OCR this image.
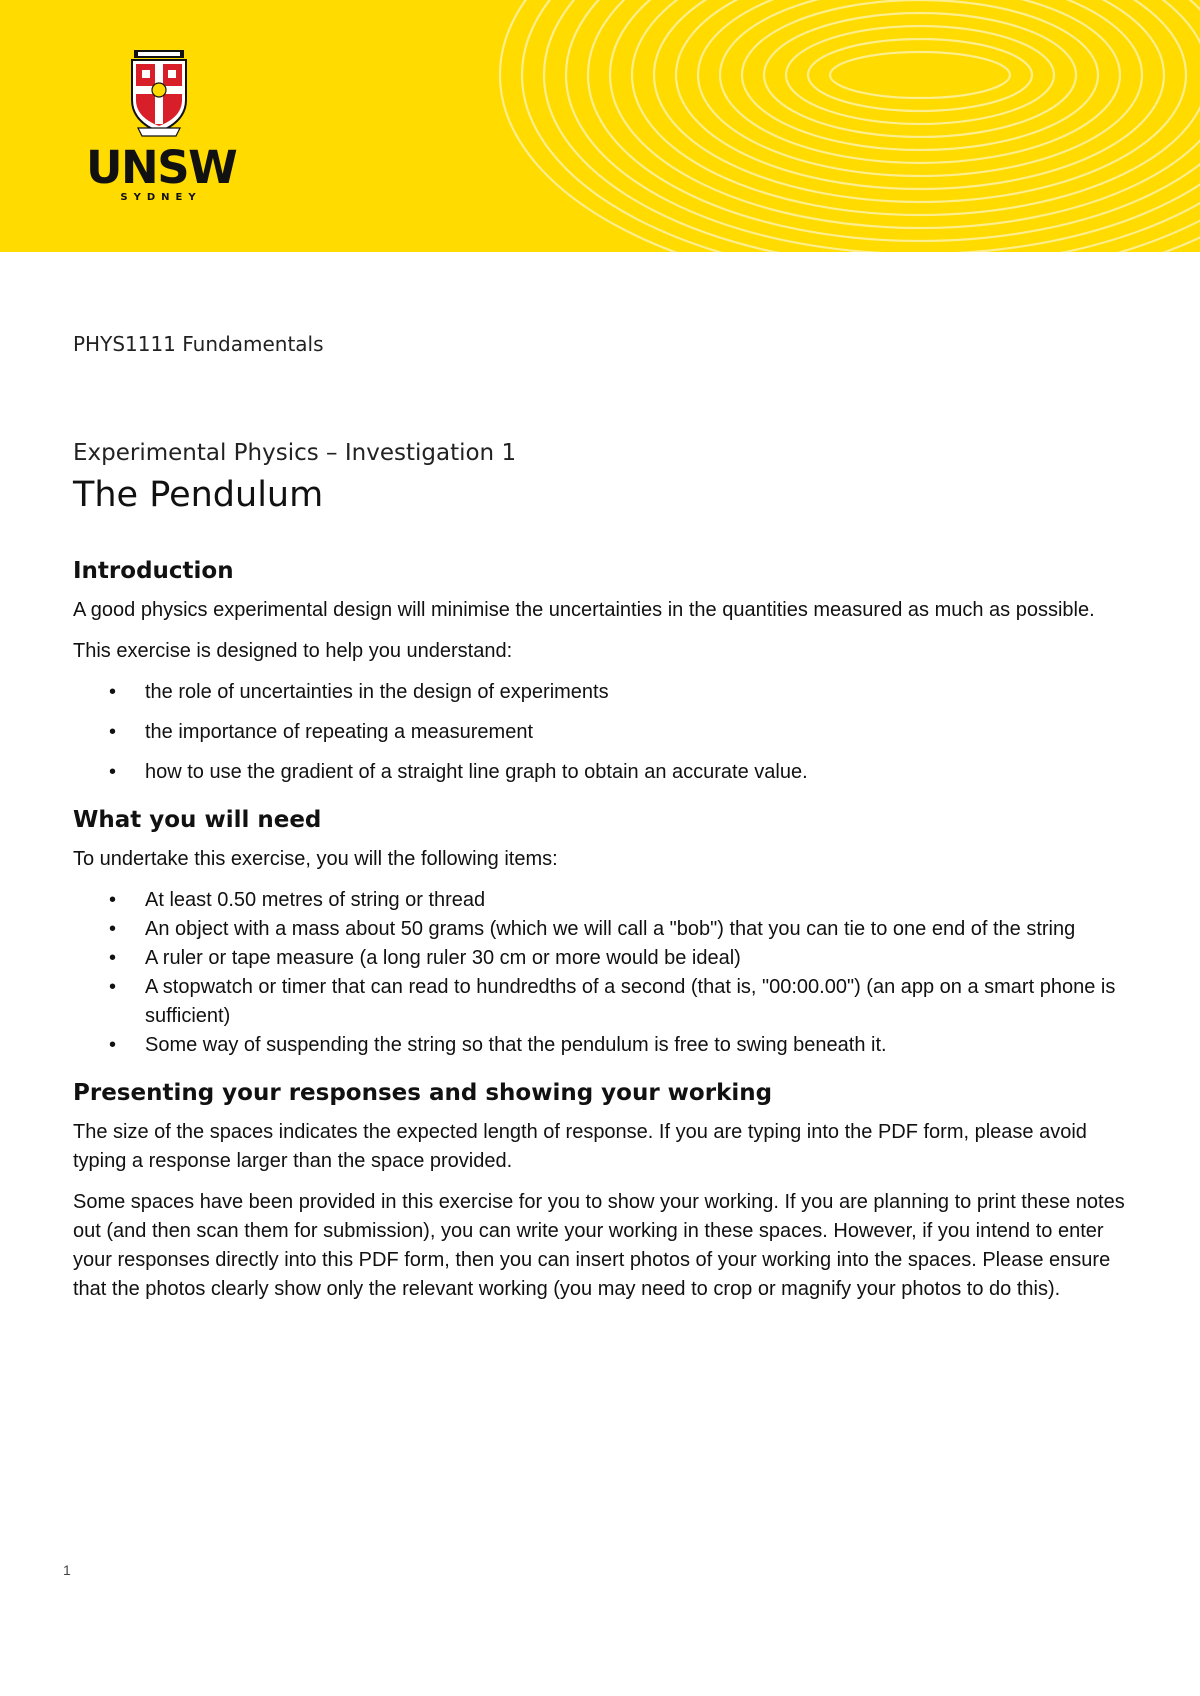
UNSW
SYDNEY
PHYS1111 Fundamentals
Experimental Physics – Investigation 1
The Pendulum
Introduction

A good physics experimental design will minimise the uncertainties in the quantities measured as much as possible.

This exercise is designed to help you understand:

• the role of uncertainties in the design of experiments
• the importance of repeating a measurement
• how to use the gradient of a straight line graph to obtain an accurate value.
What you will need

To undertake this exercise, you will the following items:

• At least 0.50 metres of string or thread
• An object with a mass about 50 grams (which we will call a "bob") that you can tie to one end of the string
• A ruler or tape measure (a long ruler 30 cm or more would be ideal)
• A stopwatch or timer that can read to hundredths of a second (that is, "00:00.00") (an app on a smart phone is sufficient)
• Some way of suspending the string so that the pendulum is free to swing beneath it.
Presenting your responses and showing your working

The size of the spaces indicates the expected length of response. If you are typing into the PDF form, please avoid typing a response larger than the space provided.

Some spaces have been provided in this exercise for you to show your working. If you are planning to print these notes out (and then scan them for submission), you can write your working in these spaces. However, if you intend to enter your responses directly into this PDF form, then you can insert photos of your working into the spaces. Please ensure that the photos clearly show only the relevant working (you may need to crop or magnify your photos to do this).

1
